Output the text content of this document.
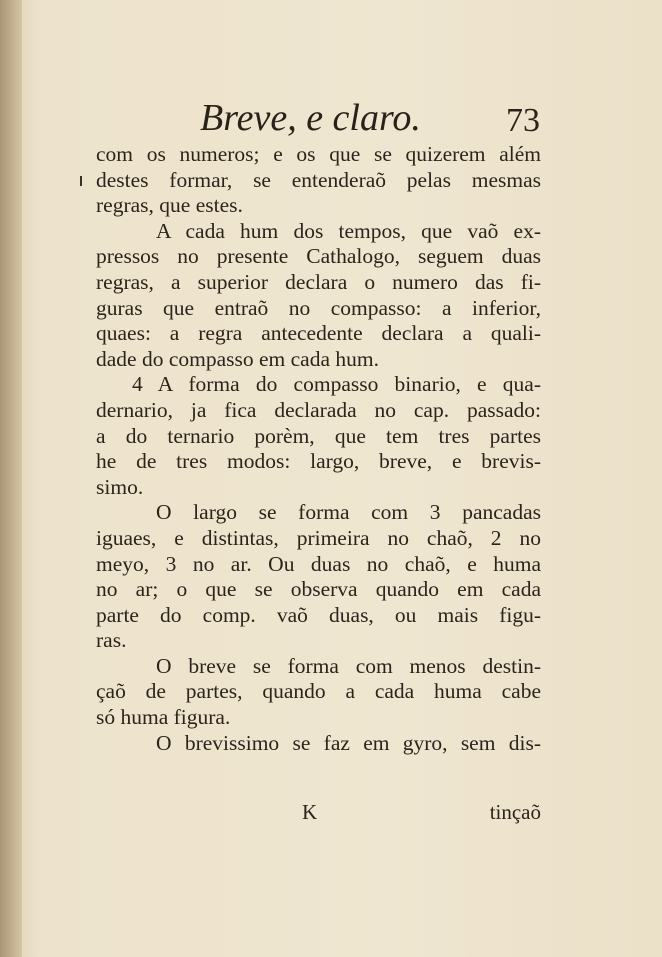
Breve, e claro.	73
com os numeros; e os que se quizerem além
destes formar, se entenderaõ pelas mesmas
regras, que estes.
A cada hum dos tempos, que vaõ ex-
pressos no presente Cathalogo, seguem duas
regras, a superior declara o numero das fi-
guras que entraõ no compasso: a inferior,
quaes: a regra antecedente declara a quali-
dade do compasso em cada hum.
4 A forma do compasso binario, e qua-
dernario, ja fica declarada no cap. passado:
a do ternario porèm, que tem tres partes
he de tres modos: largo, breve, e brevis-
simo.
O largo se forma com 3 pancadas
iguaes, e distintas, primeira no chaõ, 2 no
meyo, 3 no ar. Ou duas no chaõ, e huma
no ar; o que se observa quando em cada
parte do comp. vaõ duas, ou mais figu-
ras.
O breve se forma com menos destin-
çaõ de partes, quando a cada huma cabe
só huma figura.
O brevissimo se faz em gyro, sem dis-
K	tinçaõ
